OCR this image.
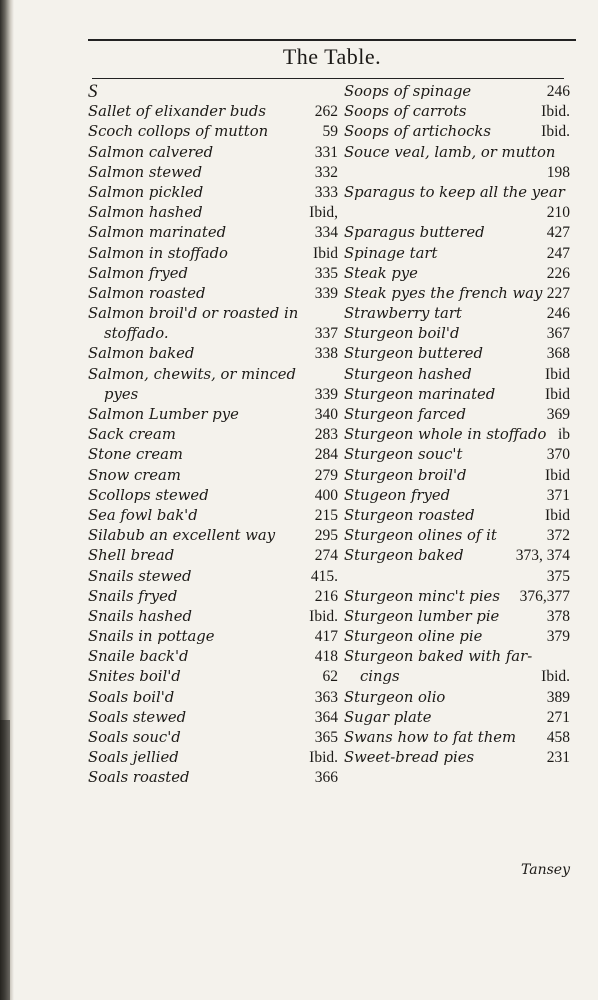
The Table.
S
Sallet of elixander buds	262
Scoch collops of mutton	59
Salmon calvered	331
Salmon stewed	332
Salmon pickled	333
Salmon hashed	Ibid,
Salmon marinated	334
Salmon in stoffado	Ibid
Salmon fryed	335
Salmon roasted	339
Salmon broil'd or roasted in
stoffado.	337
Salmon baked	338
Salmon, chewits, or minced
pyes	339
Salmon Lumber pye	340
Sack cream	283
Stone cream	284
Snow cream	279
Scollops stewed	400
Sea fowl bak'd	215
Silabub an excellent way	295
Shell bread	274
Snails stewed	415.
Snails fryed	216
Snails hashed	Ibid.
Snails in pottage	417
Snaile back'd	418
Snites boil'd	62
Soals boil'd	363
Soals stewed	364
Soals souc'd	365
Soals jellied	Ibid.
Soals roasted	366
Soops of spinage	246
Soops of carrots	Ibid.
Soops of artichocks	Ibid.
Souce veal, lamb, or mutton
198
Sparagus to keep all the year
210
Sparagus buttered	427
Spinage tart	247
Steak pye	226
Steak pyes the french way 227
Strawberry tart	246
Sturgeon boil'd	367
Sturgeon buttered	368
Sturgeon hashed	Ibid
Sturgeon marinated	Ibid
Sturgeon farced	369
Sturgeon whole in stoffado ib
Sturgeon souc't	370
Sturgeon broil'd	Ibid
Stugeon fryed	371
Sturgeon roasted	Ibid
Sturgeon olines of it	372
Sturgeon baked	373, 374
375
Sturgeon minc't pies 376,377
Sturgeon lumber pie	378
Sturgeon oline pie	379
Sturgeon baked with far-
cings	Ibid.
Sturgeon olio	389
Sugar plate	271
Swans how to fat them 458
Sweet-bread pies	231
Tansey
